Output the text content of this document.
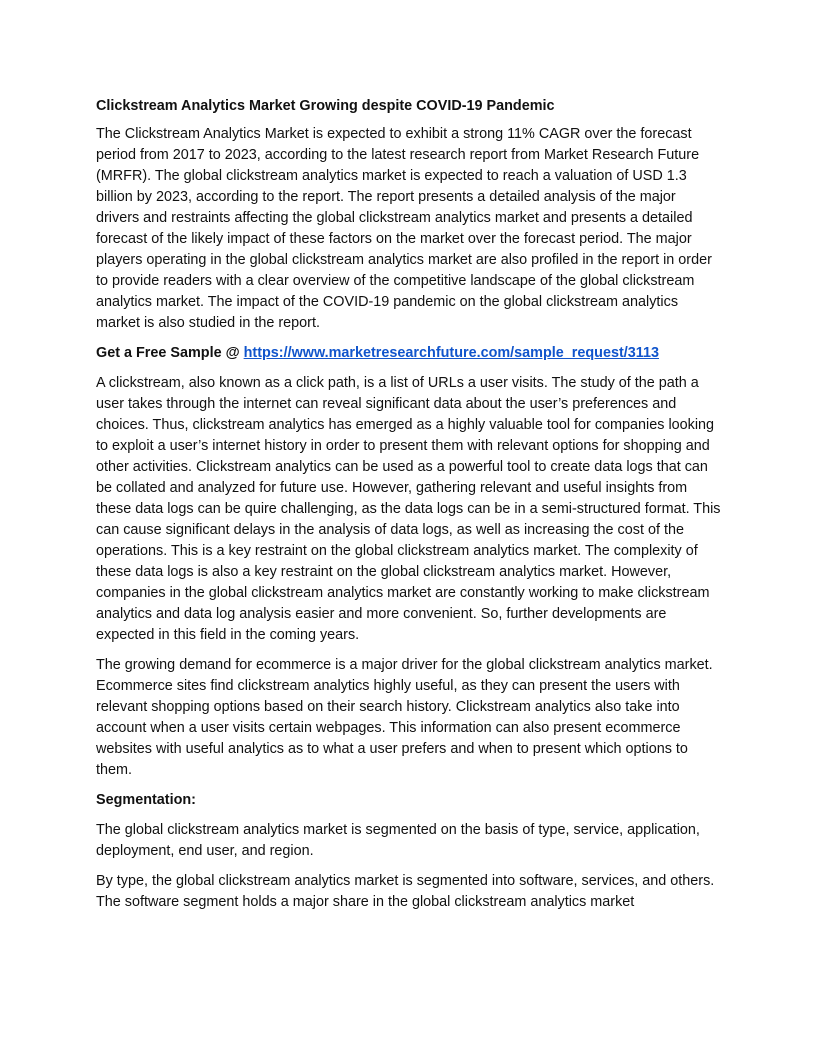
Clickstream Analytics Market Growing despite COVID-19 Pandemic
The Clickstream Analytics Market is expected to exhibit a strong 11% CAGR over the forecast period from 2017 to 2023, according to the latest research report from Market Research Future (MRFR). The global clickstream analytics market is expected to reach a valuation of USD 1.3 billion by 2023, according to the report. The report presents a detailed analysis of the major drivers and restraints affecting the global clickstream analytics market and presents a detailed forecast of the likely impact of these factors on the market over the forecast period. The major players operating in the global clickstream analytics market are also profiled in the report in order to provide readers with a clear overview of the competitive landscape of the global clickstream analytics market. The impact of the COVID-19 pandemic on the global clickstream analytics market is also studied in the report.
Get a Free Sample @ https://www.marketresearchfuture.com/sample_request/3113
A clickstream, also known as a click path, is a list of URLs a user visits. The study of the path a user takes through the internet can reveal significant data about the user’s preferences and choices. Thus, clickstream analytics has emerged as a highly valuable tool for companies looking to exploit a user’s internet history in order to present them with relevant options for shopping and other activities. Clickstream analytics can be used as a powerful tool to create data logs that can be collated and analyzed for future use. However, gathering relevant and useful insights from these data logs can be quire challenging, as the data logs can be in a semi-structured format. This can cause significant delays in the analysis of data logs, as well as increasing the cost of the operations. This is a key restraint on the global clickstream analytics market. The complexity of these data logs is also a key restraint on the global clickstream analytics market. However, companies in the global clickstream analytics market are constantly working to make clickstream analytics and data log analysis easier and more convenient. So, further developments are expected in this field in the coming years.
The growing demand for ecommerce is a major driver for the global clickstream analytics market. Ecommerce sites find clickstream analytics highly useful, as they can present the users with relevant shopping options based on their search history. Clickstream analytics also take into account when a user visits certain webpages. This information can also present ecommerce websites with useful analytics as to what a user prefers and when to present which options to them.
Segmentation:
The global clickstream analytics market is segmented on the basis of type, service, application, deployment, end user, and region.
By type, the global clickstream analytics market is segmented into software, services, and others. The software segment holds a major share in the global clickstream analytics market
